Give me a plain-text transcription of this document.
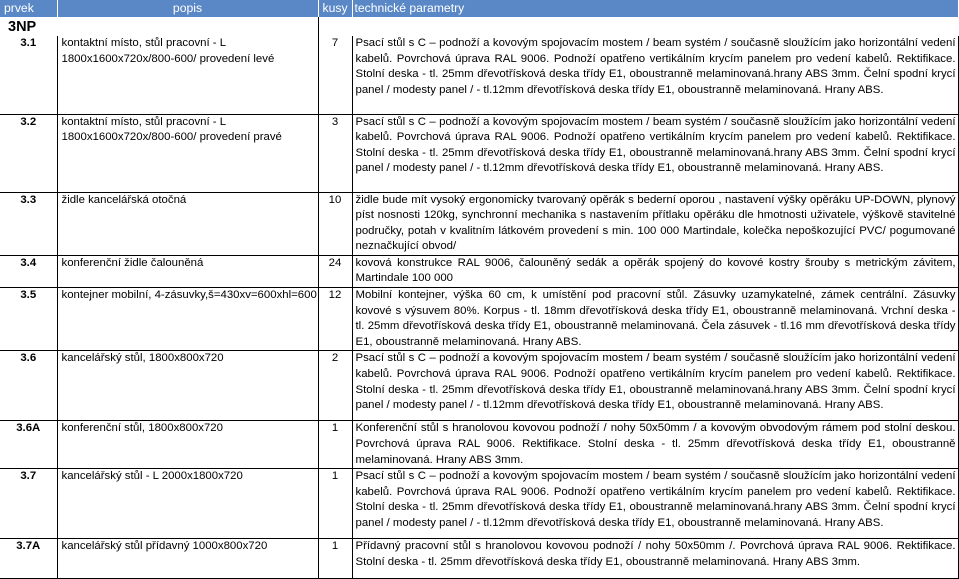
prvek	popis	kusy	technické parametry
3NP			
3.1	kontaktní místo, stůl pracovní - L 1800x1600x720x/800-600/ provedení levé	7	Psací stůl s C – podnoží a kovovým spojovacím mostem / beam systém / současně sloužícím jako horizontální vedení kabelů. Povrchová úprava RAL 9006. Podnoží opatřeno vertikálním krycím panelem pro vedení kabelů. Rektifikace. Stolní deska - tl. 25mm dřevotřísková deska třídy E1, oboustranně melaminovaná.hrany ABS 3mm. Čelní spodní krycí panel / modesty panel / - tl.12mm dřevotřísková deska třídy E1, oboustranně melaminovaná. Hrany ABS.
3.2	kontaktní místo, stůl pracovní - L 1800x1600x720x/800-600/ provedení pravé	3	Psací stůl s C – podnoží a kovovým spojovacím mostem / beam systém / současně sloužícím jako horizontální vedení kabelů. Povrchová úprava RAL 9006. Podnoží opatřeno vertikálním krycím panelem pro vedení kabelů. Rektifikace. Stolní deska - tl. 25mm dřevotřísková deska třídy E1, oboustranně melaminovaná.hrany ABS 3mm. Čelní spodní krycí panel / modesty panel / - tl.12mm dřevotřísková deska třídy E1, oboustranně melaminovaná. Hrany ABS.
3.3	židle kancelářská otočná	10	židle bude mít vysoký ergonomicky tvarovaný opěrák s bederní oporou , nastavení výšky opěráku UP-DOWN, plynový píst nosnosti 120kg, synchronní mechanika s nastavením přítlaku opěráku dle hmotnosti uživatele, výškově stavitelné područky, potah v kvalitním látkovém provedení s min. 100 000 Martindale, kolečka nepoškozující PVC/ pogumované neznačkující obvod/
3.4	konferenční židle čalouněná	24	kovová konstrukce RAL 9006, čalouněný sedák a opěrák spojený do kovové kostry šrouby s metrickým závitem, Martindale 100 000
3.5	kontejner mobilní, 4-zásuvky,š=430xv=600xhl=600	12	Mobilní kontejner, výška 60 cm, k umístění pod pracovní stůl. Zásuvky uzamykatelné, zámek centrální. Zásuvky kovové s výsuvem 80%. Korpus - tl. 18mm dřevotřísková deska třídy E1, oboustranně melaminovaná. Vrchní deska - tl. 25mm dřevotřísková deska třídy E1, oboustranně melaminovaná. Čela zásuvek - tl.16 mm dřevotřísková deska třídy E1, oboustranně melaminovaná. Hrany ABS.
3.6	kancelářský stůl, 1800x800x720	2	Psací stůl s C – podnoží a kovovým spojovacím mostem / beam systém / současně sloužícím jako horizontální vedení kabelů. Povrchová úprava RAL 9006. Podnoží opatřeno vertikálním krycím panelem pro vedení kabelů. Rektifikace. Stolní deska - tl. 25mm dřevotřísková deska třídy E1, oboustranně melaminovaná.hrany ABS 3mm. Čelní spodní krycí panel / modesty panel / - tl.12mm dřevotřísková deska třídy E1, oboustranně melaminovaná. Hrany ABS.
3.6A	konferenční stůl, 1800x800x720	1	Konferenční stůl s hranolovou kovovou podnoží / nohy 50x50mm / a kovovým obvodovým rámem pod stolní deskou. Povrchová úprava RAL 9006. Rektifikace. Stolní deska - tl. 25mm dřevotřísková deska třídy E1, oboustranně melaminovaná. Hrany ABS 3mm.
3.7	kancelářský stůl - L 2000x1800x720	1	Psací stůl s C – podnoží a kovovým spojovacím mostem / beam systém / současně sloužícím jako horizontální vedení kabelů. Povrchová úprava RAL 9006. Podnoží opatřeno vertikálním krycím panelem pro vedení kabelů. Rektifikace. Stolní deska - tl. 25mm dřevotřísková deska třídy E1, oboustranně melaminovaná.hrany ABS 3mm. Čelní spodní krycí panel / modesty panel / - tl.12mm dřevotřísková deska třídy E1, oboustranně melaminovaná. Hrany ABS.
3.7A	kancelářský stůl přídavný 1000x800x720	1	Přídavný pracovní stůl s hranolovou kovovou podnoží / nohy 50x50mm /. Povrchová úprava RAL 9006. Rektifikace. Stolní deska - tl. 25mm dřevotřísková deska třídy E1, oboustranně melaminovaná. Hrany ABS 3mm.
